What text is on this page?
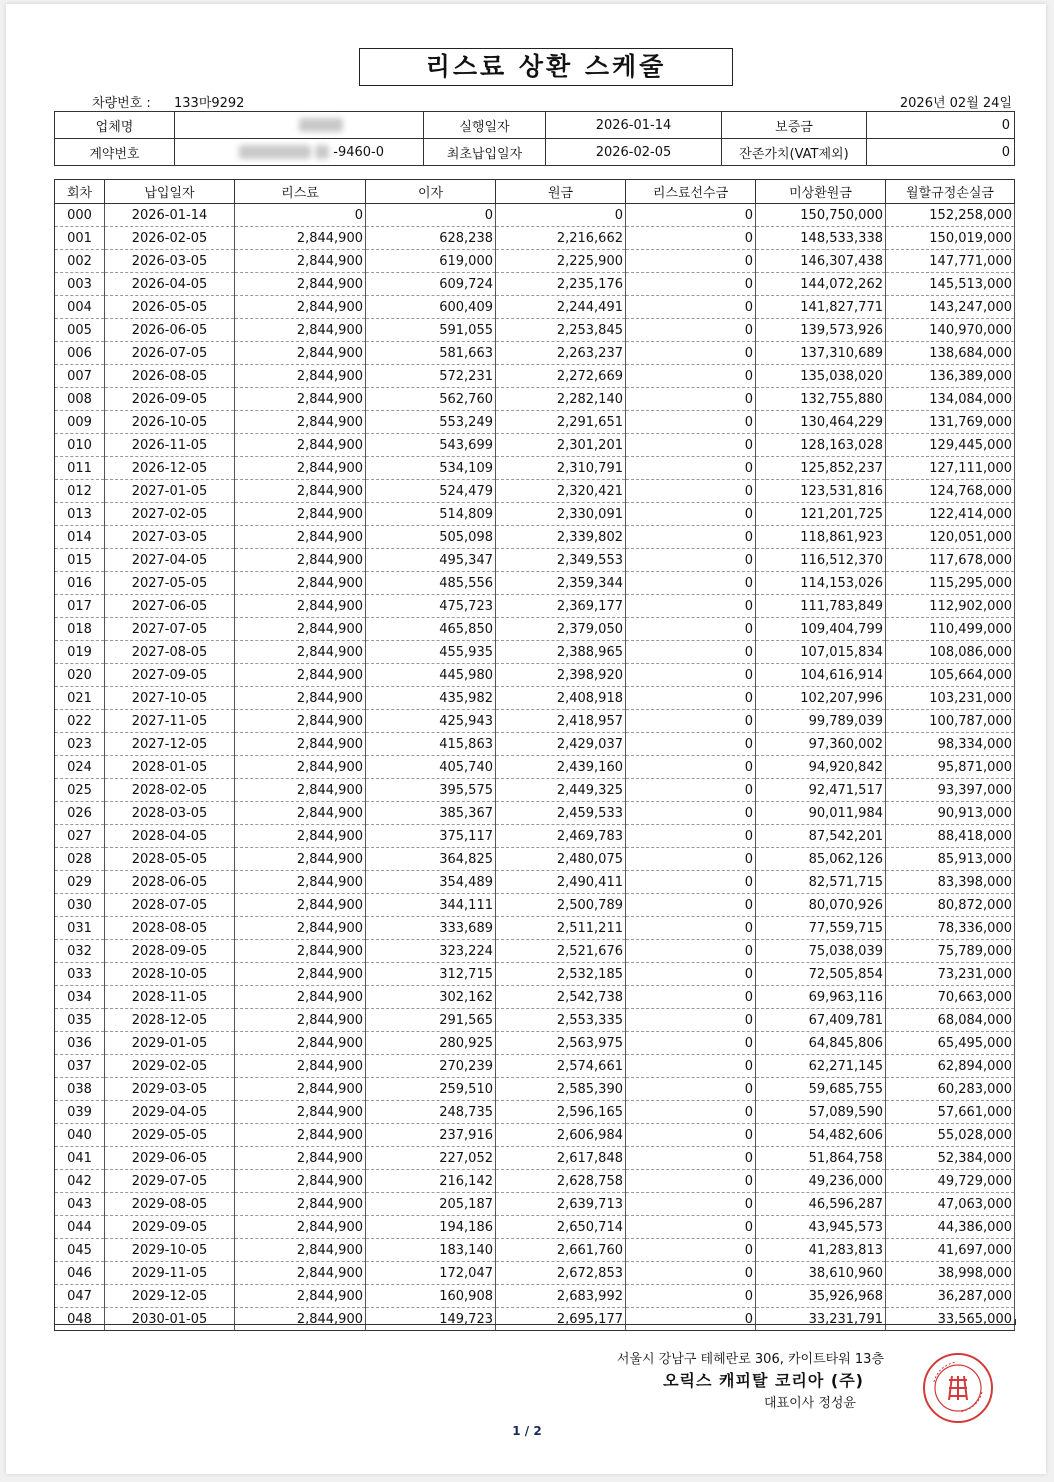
리스료 상환 스케줄
차량번호 : 133마9292	2026년 02월 24일
업체명		실행일자	2026-01-14	보증금	0
계약번호	-9460-0	최초납입일자	2026-02-05	잔존가치(VAT제외)	0
회차	납입일자	리스료	이자	원금	리스료선수금	미상환원금	월할규정손실금
000	2026-01-14	0	0	0	0	150,750,000	152,258,000
001	2026-02-05	2,844,900	628,238	2,216,662	0	148,533,338	150,019,000
002	2026-03-05	2,844,900	619,000	2,225,900	0	146,307,438	147,771,000
003	2026-04-05	2,844,900	609,724	2,235,176	0	144,072,262	145,513,000
004	2026-05-05	2,844,900	600,409	2,244,491	0	141,827,771	143,247,000
005	2026-06-05	2,844,900	591,055	2,253,845	0	139,573,926	140,970,000
006	2026-07-05	2,844,900	581,663	2,263,237	0	137,310,689	138,684,000
007	2026-08-05	2,844,900	572,231	2,272,669	0	135,038,020	136,389,000
008	2026-09-05	2,844,900	562,760	2,282,140	0	132,755,880	134,084,000
009	2026-10-05	2,844,900	553,249	2,291,651	0	130,464,229	131,769,000
010	2026-11-05	2,844,900	543,699	2,301,201	0	128,163,028	129,445,000
011	2026-12-05	2,844,900	534,109	2,310,791	0	125,852,237	127,111,000
012	2027-01-05	2,844,900	524,479	2,320,421	0	123,531,816	124,768,000
013	2027-02-05	2,844,900	514,809	2,330,091	0	121,201,725	122,414,000
014	2027-03-05	2,844,900	505,098	2,339,802	0	118,861,923	120,051,000
015	2027-04-05	2,844,900	495,347	2,349,553	0	116,512,370	117,678,000
016	2027-05-05	2,844,900	485,556	2,359,344	0	114,153,026	115,295,000
017	2027-06-05	2,844,900	475,723	2,369,177	0	111,783,849	112,902,000
018	2027-07-05	2,844,900	465,850	2,379,050	0	109,404,799	110,499,000
019	2027-08-05	2,844,900	455,935	2,388,965	0	107,015,834	108,086,000
020	2027-09-05	2,844,900	445,980	2,398,920	0	104,616,914	105,664,000
021	2027-10-05	2,844,900	435,982	2,408,918	0	102,207,996	103,231,000
022	2027-11-05	2,844,900	425,943	2,418,957	0	99,789,039	100,787,000
023	2027-12-05	2,844,900	415,863	2,429,037	0	97,360,002	98,334,000
024	2028-01-05	2,844,900	405,740	2,439,160	0	94,920,842	95,871,000
025	2028-02-05	2,844,900	395,575	2,449,325	0	92,471,517	93,397,000
026	2028-03-05	2,844,900	385,367	2,459,533	0	90,011,984	90,913,000
027	2028-04-05	2,844,900	375,117	2,469,783	0	87,542,201	88,418,000
028	2028-05-05	2,844,900	364,825	2,480,075	0	85,062,126	85,913,000
029	2028-06-05	2,844,900	354,489	2,490,411	0	82,571,715	83,398,000
030	2028-07-05	2,844,900	344,111	2,500,789	0	80,070,926	80,872,000
031	2028-08-05	2,844,900	333,689	2,511,211	0	77,559,715	78,336,000
032	2028-09-05	2,844,900	323,224	2,521,676	0	75,038,039	75,789,000
033	2028-10-05	2,844,900	312,715	2,532,185	0	72,505,854	73,231,000
034	2028-11-05	2,844,900	302,162	2,542,738	0	69,963,116	70,663,000
035	2028-12-05	2,844,900	291,565	2,553,335	0	67,409,781	68,084,000
036	2029-01-05	2,844,900	280,925	2,563,975	0	64,845,806	65,495,000
037	2029-02-05	2,844,900	270,239	2,574,661	0	62,271,145	62,894,000
038	2029-03-05	2,844,900	259,510	2,585,390	0	59,685,755	60,283,000
039	2029-04-05	2,844,900	248,735	2,596,165	0	57,089,590	57,661,000
040	2029-05-05	2,844,900	237,916	2,606,984	0	54,482,606	55,028,000
041	2029-06-05	2,844,900	227,052	2,617,848	0	51,864,758	52,384,000
042	2029-07-05	2,844,900	216,142	2,628,758	0	49,236,000	49,729,000
043	2029-08-05	2,844,900	205,187	2,639,713	0	46,596,287	47,063,000
044	2029-09-05	2,844,900	194,186	2,650,714	0	43,945,573	44,386,000
045	2029-10-05	2,844,900	183,140	2,661,760	0	41,283,813	41,697,000
046	2029-11-05	2,844,900	172,047	2,672,853	0	38,610,960	38,998,000
047	2029-12-05	2,844,900	160,908	2,683,992	0	35,926,968	36,287,000
048	2030-01-05	2,844,900	149,723	2,695,177	0	33,231,791	33,565,000
서울시 강남구 테헤란로 306, 카이트타워 13층
오릭스 캐피탈 코리아 (주)
대표이사 정성윤
1 / 2
